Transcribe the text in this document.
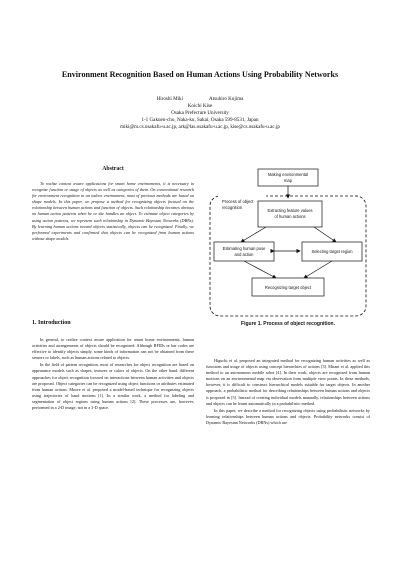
Environment Recognition Based on Human Actions Using Probability Networks
Hiroshi Miki	Atsuhiro Kojima
Koichi Kise
Osaka Prefecture University
1-1 Gakuen-cho, Naka-ku, Sakai, Osaka 599-8531, Japan
miki@m.cs.osakafu-u.ac.jp, ark@las.osakafu-u.ac.jp, kise@cs.osakafu-u.ac.jp
Abstract

To realize context aware applications for smart home environments, it is necessary to recognize function or usage of objects as well as categories of them. On conventional research for environment recognition in an indoor environment, most of previous methods are based on shape models. In this paper, we propose a method for recognizing objects focused on the relationship between human actions and function of objects. Such relationship becomes obvious on human action patterns when he or she handles an object. To estimate object categories by using action patterns, we represent such relationship in Dynamic Bayesian Networks (DBNs). By learning human actions toward objects statistically, objects can be recognized. Finally, we performed experiments and confirmed that objects can be recognized from human actions without shape models.

1. Introduction

In general, to realize context aware application for smart home environments, human activities and arrangements of objects should be recognized. Although RFIDs or bar codes are effective to identify objects simply, some kinds of information can not be obtained from these sensors or labels, such as human actions related to objects.

In the field of pattern recognition, most of researches for object recognition are based on appearance models such as shapes, textures or colors of objects. On the other hand, different approaches for object recognition focused on interactions between human activities and objects are proposed. Object categories can be recognized using object functions or attributes estimated from human actions. Moore et al. proposed a model-based technique for recognizing objects using trajectories of hand motions [1]. In a similar work, a method for labeling and segmentation of object regions using human actions [2]. These processes are, however, performed in a 2-D image, not in a 3-D space.

Making environmental
map
Process of object
recognition
Extracting feature values
of human actions
Estimating human pose
and action
Selecting target region
Recognizing target object
Figure 1. Process of object recognition.

Higuchi et al. proposed an integrated method for recognizing human activities as well as functions and usage of objects using concept hierarchies of actions [3]. Mitani et al. applied this method to an autonomous mobile robot [4]. In their work, objects are recognized from human motions on an environmental map via observation from multiple view points. In these methods, however, it is difficult to construct hierarchical models suitable for target objects. In another approach, a probabilistic method for describing relationships between human actions and objects is proposed in [5]. Instead of creating individual models manually, relationships between actions and objects can be learnt automatically in a probabilistic method.

In this paper, we describe a method for recognizing objects using probabilistic networks by learning relationships between human actions and objects. Probability networks consist of Dynamic Bayesian Networks (DBNs) which are
